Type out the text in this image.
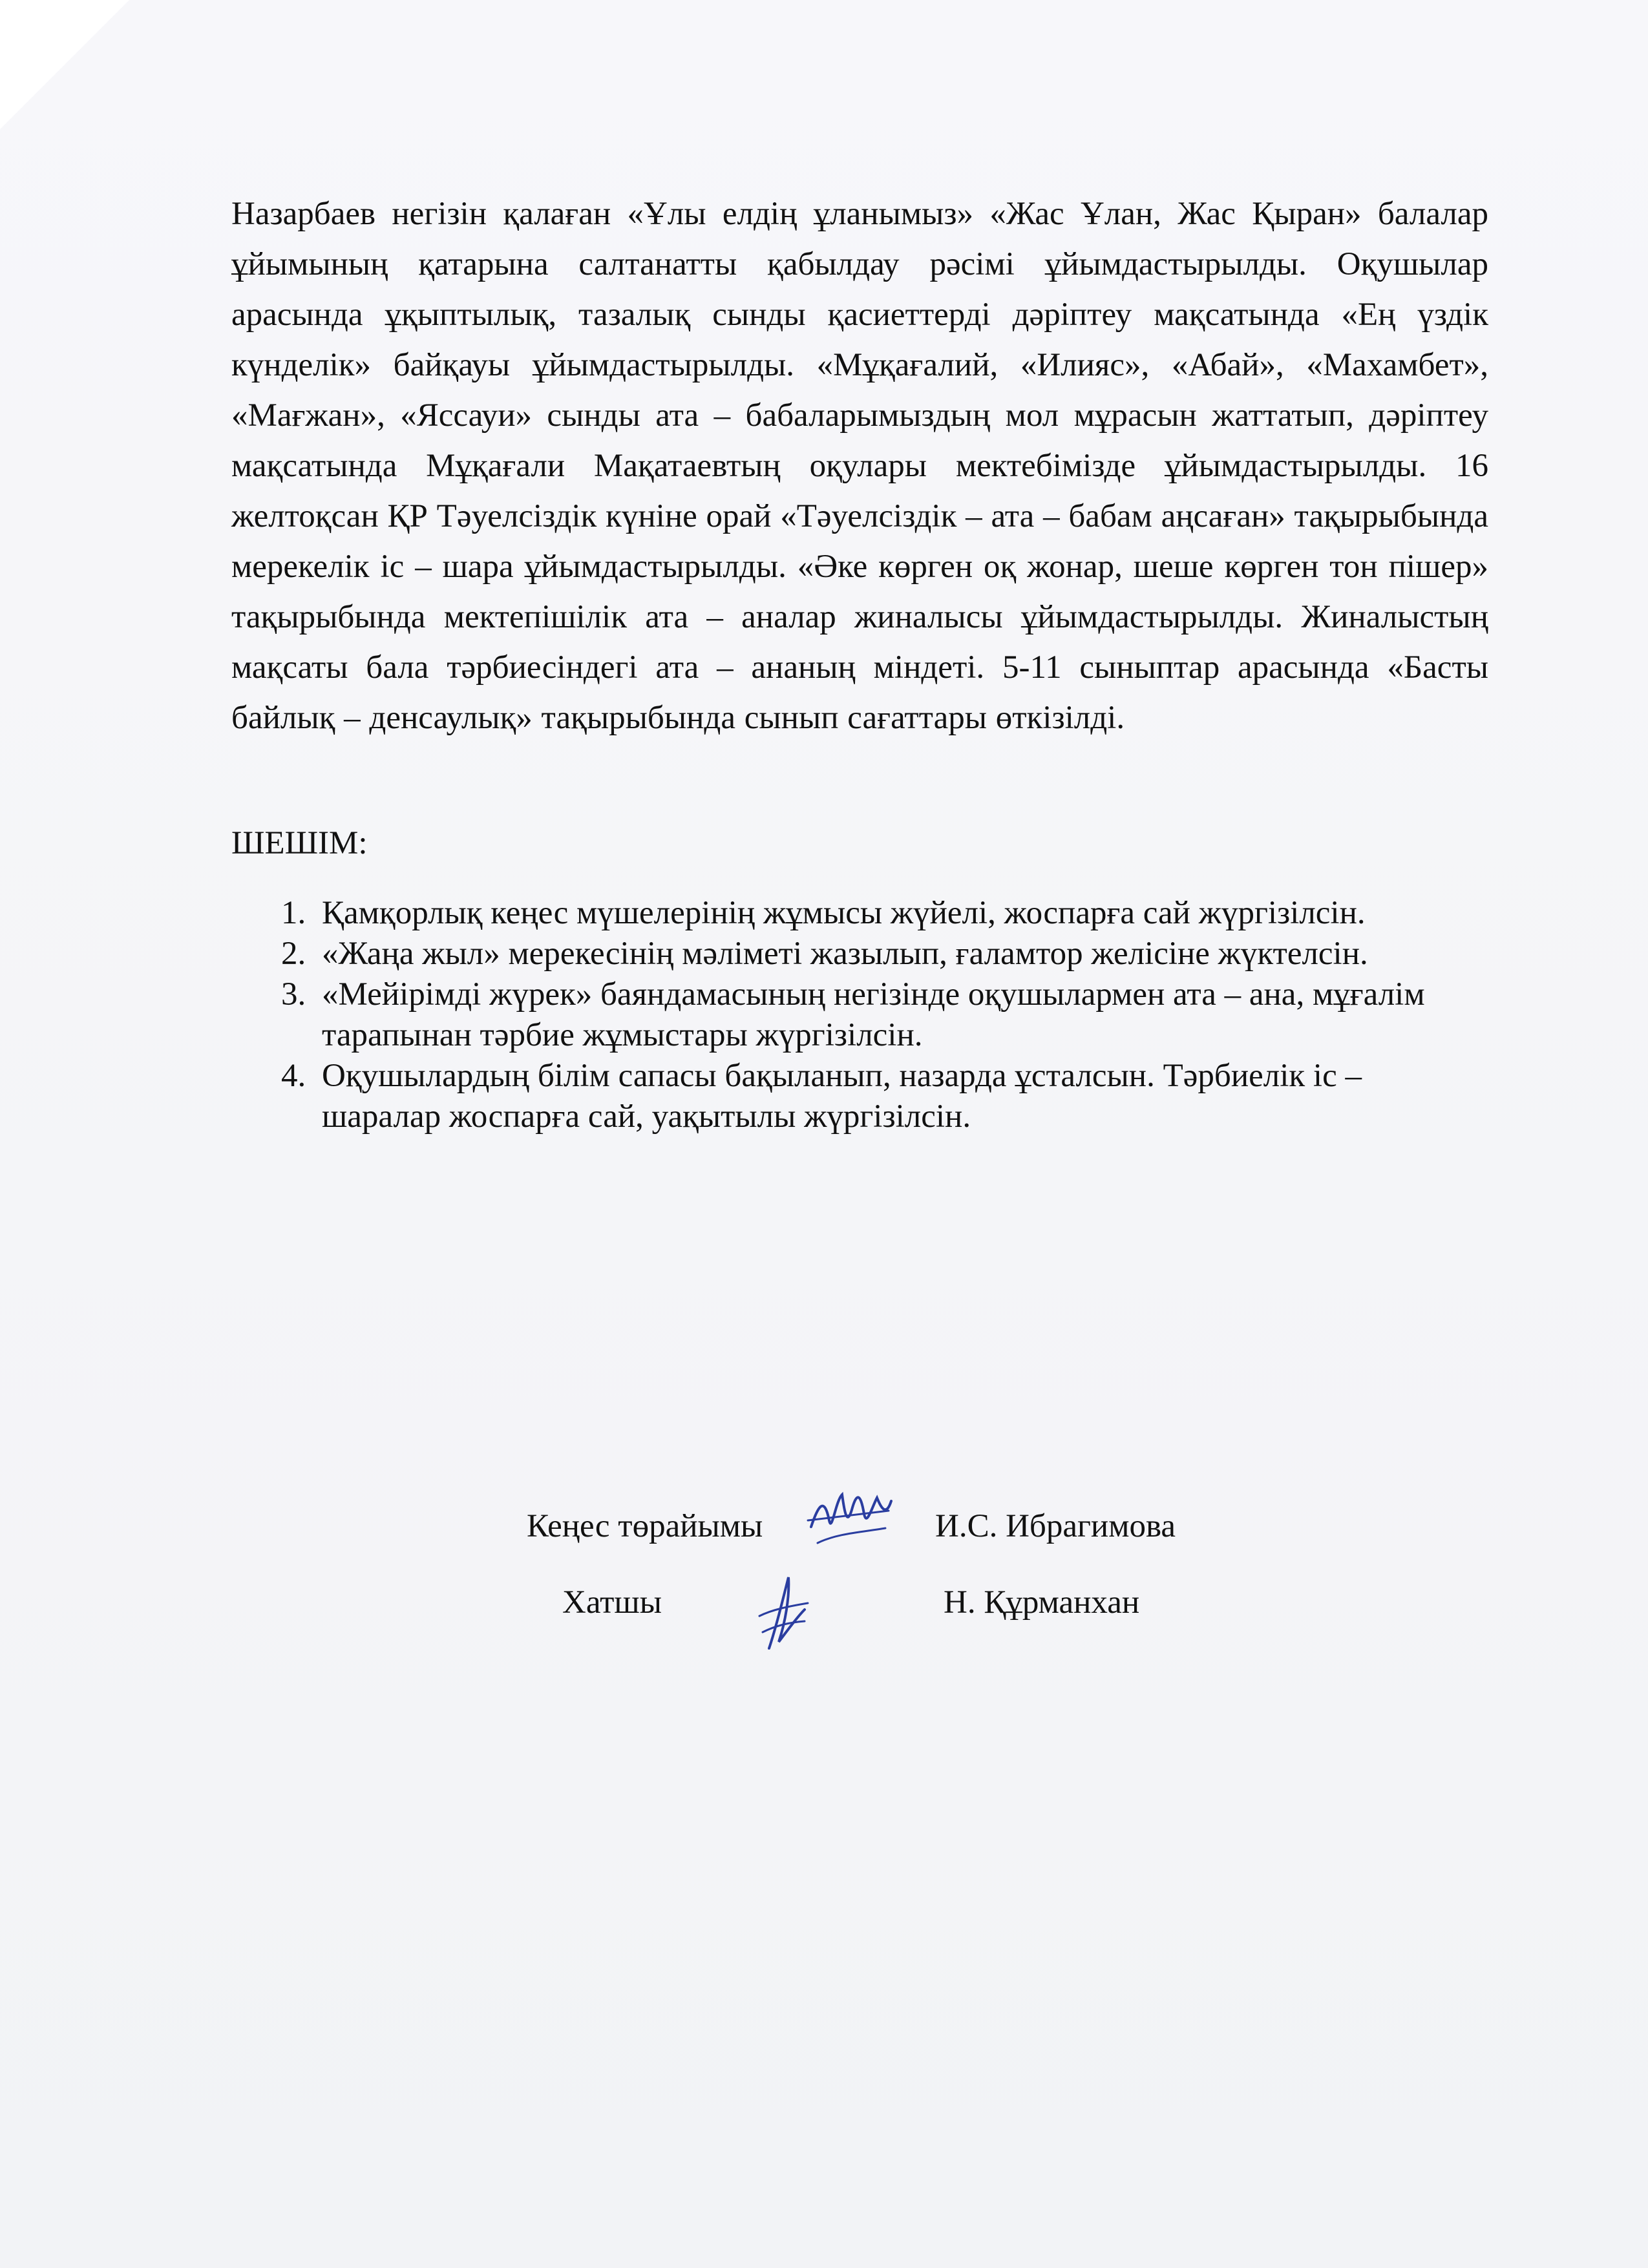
Назарбаев негізін қалаған «Ұлы елдің ұланымыз» «Жас Ұлан, Жас Қыран» балалар ұйымының қатарына салтанатты қабылдау рәсімі ұйымдастырылды. Оқушылар арасында ұқыптылық, тазалық сынды қасиеттерді дәріптеу мақсатында «Ең үздік күнделік» байқауы ұйымдастырылды. «Мұқағалий, «Илияс», «Абай», «Махамбет», «Мағжан», «Яссауи» сынды ата – бабаларымыздың мол мұрасын жаттатып, дәріптеу мақсатында Мұқағали Мақатаевтың оқулары мектебімізде ұйымдастырылды. 16 желтоқсан ҚР Тәуелсіздік күніне орай «Тәуелсіздік – ата – бабам аңсаған» тақырыбында мерекелік іс – шара ұйымдастырылды. «Әке көрген оқ жонар, шеше көрген тон пішер» тақырыбында мектепішілік ата – аналар жиналысы ұйымдастырылды. Жиналыстың мақсаты бала тәрбиесіндегі ата – ананың міндеті. 5-11 сыныптар арасында «Басты байлық – денсаулық» тақырыбында сынып сағаттары өткізілді.

ШЕШІМ:

1. Қамқорлық кеңес мүшелерінің жұмысы жүйелі, жоспарға сай жүргізілсін.
2. «Жаңа жыл» мерекесінің мәліметі жазылып, ғаламтор желісіне жүктелсін.
3. «Мейірімді жүрек» баяндамасының негізінде оқушылармен ата – ана, мұғалім тарапынан тәрбие жұмыстары жүргізілсін.
4. Оқушылардың білім сапасы бақыланып, назарда ұсталсын. Тәрбиелік іс – шаралар жоспарға сай, уақытылы жүргізілсін.
Кеңес төрайымы	И.С. Ибрагимова
Хатшы	Н. Құрманхан
